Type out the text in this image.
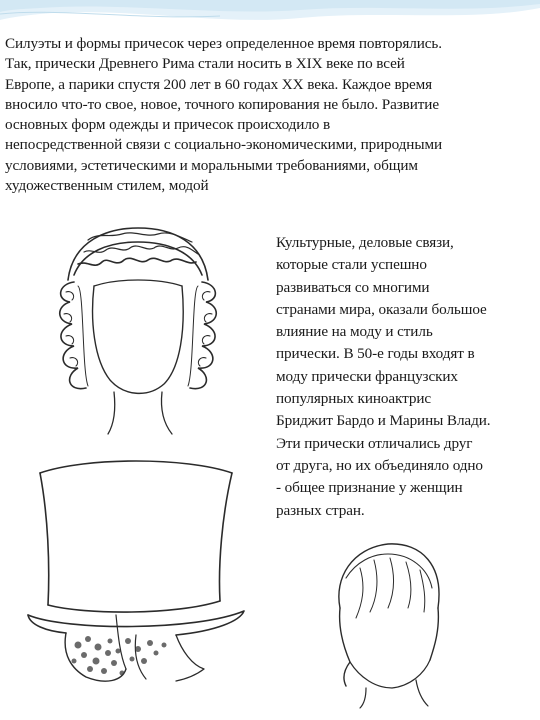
Силуэты и формы причесок через определенное время повторялись.
Так, прически Древнего Рима стали носить в XIX веке по всей
Европе, а парики спустя 200 лет в 60 годах XX века. Каждое время
вносило что-то свое, новое, точного копирования не было. Развитие
основных форм одежды и причесок происходило в
непосредственной связи с социально-экономическими, природными
условиями, эстетическими и моральными требованиями, общим
художественным стилем, модой

Культурные, деловые связи,
которые стали успешно
развиваться со многими
странами мира, оказали большое
влияние на моду и стиль
прически. В 50-е годы входят в
моду прически французских
популярных киноактрис
Бриджит Бардо и Марины Влади.
Эти прически отличались друг
от друга, но их объединяло одно
- общее признание у женщин
разных стран.
